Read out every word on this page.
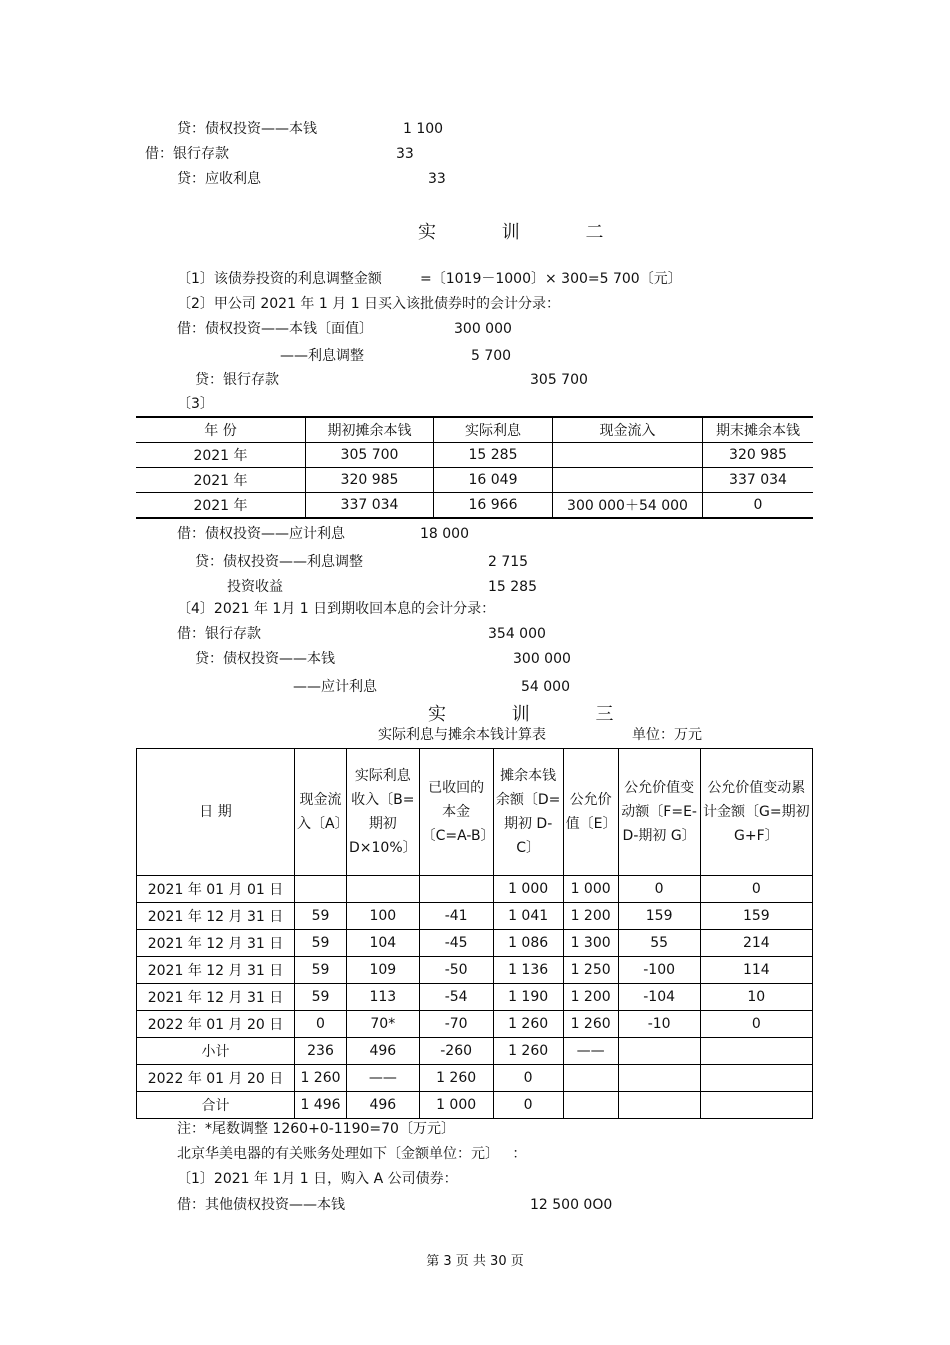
贷：债权投资——本钱	1 100
借：银行存款	33
贷：应收利息	33
实 训 二
〔1〕该债券投资的利息调整金额	=〔1019－1000〕× 300=5 700〔元〕
〔2〕甲公司 2021 年 1 月 1 日买入该批债券时的会计分录：
借：债权投资——本钱〔面值〕	300 000
——利息调整	5 700
贷：银行存款	305 700
〔3〕
年 份	期初摊余本钱	实际利息	现金流入	期末摊余本钱
2021 年	305 700	15 285		320 985
2021 年	320 985	16 049		337 034
2021 年	337 034	16 966	300 000＋54 000	0
借：债权投资——应计利息	18 000
贷：债权投资——利息调整	2 715
投资收益	15 285
〔4〕2021 年 1月 1 日到期收回本息的会计分录：
借：银行存款	354 000
贷：债权投资——本钱	300 000
——应计利息	54 000
实 训 三
实际利息与摊余本钱计算表	单位：万元
日 期	现金流入〔A〕	实际利息收入〔B=期初 D×10%〕	已收回的本金〔C=A-B〕	摊余本钱余额〔D=期初 D-C〕	公允价值〔E〕	公允价值变动额〔F=E-D-期初 G〕	公允价值变动累计金额〔G=期初 G+F〕
2021 年 01 月 01 日				1 000	1 000	0	0
2021 年 12 月 31 日	59	100	-41	1 041	1 200	159	159
2021 年 12 月 31 日	59	104	-45	1 086	1 300	55	214
2021 年 12 月 31 日	59	109	-50	1 136	1 250	-100	114
2021 年 12 月 31 日	59	113	-54	1 190	1 200	-104	10
2022 年 01 月 20 日	0	70*	-70	1 260	1 260	-10	0
小计	236	496	-260	1 260	——		
2022 年 01 月 20 日	1 260	——	1 260	0			
合计	1 496	496	1 000	0			
注：*尾数调整 1260+0-1190=70〔万元〕
北京华美电器的有关账务处理如下〔金额单位：元〕   ：
〔1〕2021 年 1月 1 日，购入 A 公司债券：
借：其他债权投资——本钱	12 500 0O0
第 3 页 共 30 页
